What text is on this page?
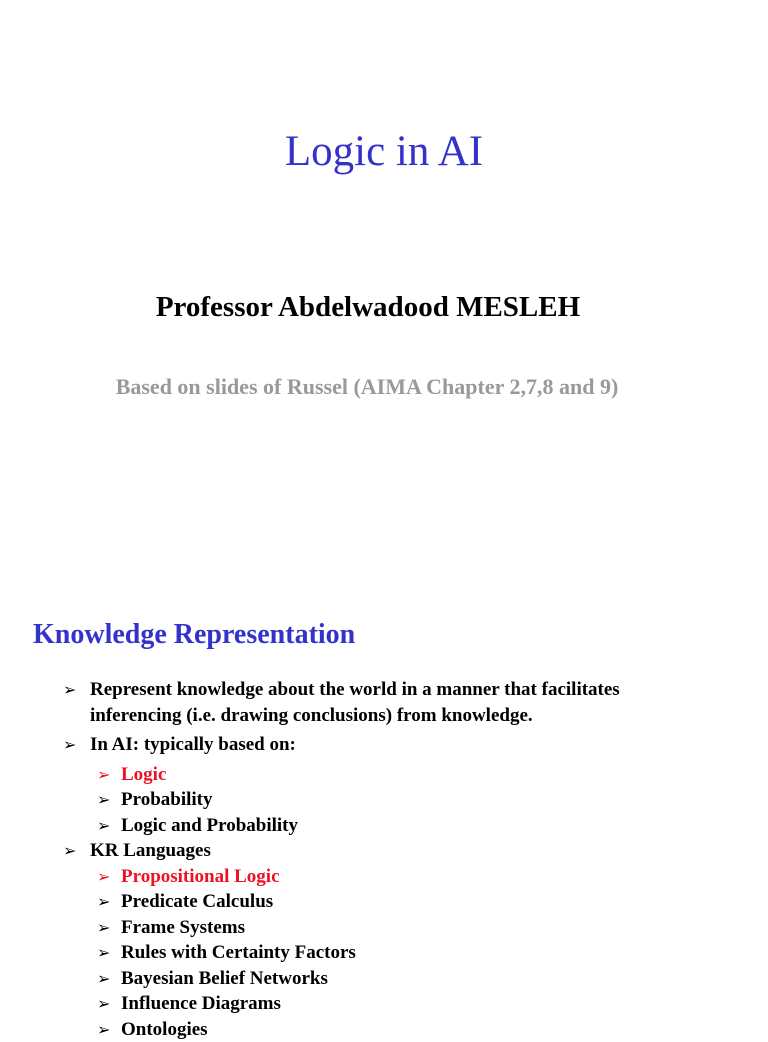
Logic in AI
Professor Abdelwadood MESLEH
Based on slides of Russel (AIMA Chapter 2,7,8 and 9)
Knowledge Representation
➢ Represent knowledge about the world in a manner that facilitates inferencing (i.e. drawing conclusions) from knowledge.
➢ In AI: typically based on:
➢ Logic
➢ Probability
➢ Logic and Probability
➢ KR Languages
➢ Propositional Logic
➢ Predicate Calculus
➢ Frame Systems
➢ Rules with Certainty Factors
➢ Bayesian Belief Networks
➢ Influence Diagrams
➢ Ontologies
